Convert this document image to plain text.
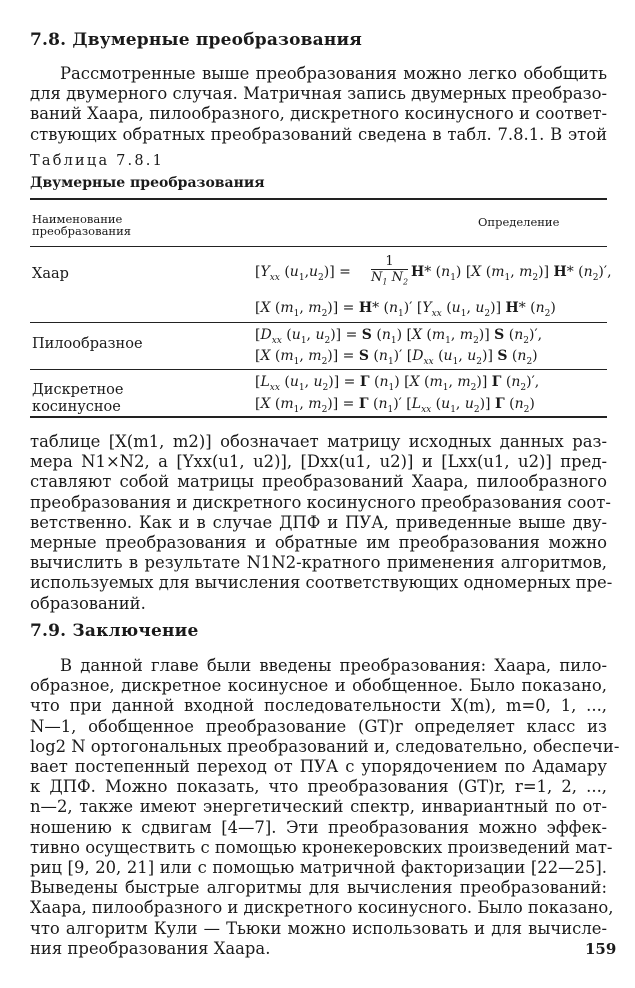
7.8. Двумерные преобразования
Рассмотренные выше преобразования можно легко обобщить
для двумерного случая. Матричная запись двумерных преобразо-
ваний Хаара, пилообразного, дискретного косинусного и соответ-
ствующих обратных преобразований сведена в табл. 7.8.1. В этой
Таблица 7.8.1
Двумерные преобразования
Наименование
преобразования
Определение
Хаар	[$Y_{xx}$ $(u_1,u_2)] = \frac{1}{N_1 N_2} H*$ $(n_1)$ [X ($m_1$, $m_2$)] H* $(n_2)'$,
[X ($m_1$, $m_2)] = H*$ $(n_1)'$ [$Y_{xx}$ ($u_1$, $u_2$)] H* $(n_2)$
Пилообразное
[$D_{xx}$ ($u_1$, $u_2)] = S$ $(n_1)$ [X ($m_1$, $m_2$)] S $(n_2)'$,
[X ($m_1$, $m_2)] = S$ $(n_1)'$ [$D_{xx}$ ($u_1$, $u_2$)] S $(n_2)$
Дискретное
косинусное
[$L_{xx}$ ($u_1$, $u_2)] = Г$ $(n_1)$ [X ($m_1$, $m_2$)] Г $(n_2)'$,
[X ($m_1$, $m_2)] = Г$ $(n_1)'$ [$L_{xx}$ ($u_1$, $u_2$)] Г $(n_2)$
таблице [X(m1, m2)] обозначает матрицу исходных данных раз-
мера N1×N2, а [Yxx(u1, u2)], [Dxx(u1, u2)] и [Lxx(u1, u2)] пред-
ставляют собой матрицы преобразований Хаара, пилообразного
преобразования и дискретного косинусного преобразования соот-
ветственно. Как и в случае ДПФ и ПУА, приведенные выше дву-
мерные преобразования и обратные им преобразования можно
вычислить в результате N1N2-кратного применения алгоритмов,
используемых для вычисления соответствующих одномерных пре-
образований.
7.9. Заключение
В данной главе были введены преобразования: Хаара, пило-
образное, дискретное косинусное и обобщенное. Было показано,
что при данной входной последовательности X(m), m=0, 1, ...,
N—1, обобщенное преобразование (GT)r определяет класс из
log2 N ортогональных преобразований и, следовательно, обеспечи-
вает постепенный переход от ПУА с упорядочением по Адамару
к ДПФ. Можно показать, что преобразования (GT)r, r=1, 2, ...,
n—2, также имеют энергетический спектр, инвариантный по от-
ношению к сдвигам [4—7]. Эти преобразования можно эффек-
тивно осуществить с помощью кронекеровских произведений мат-
риц [9, 20, 21] или с помощью матричной факторизации [22—25].
Выведены быстрые алгоритмы для вычисления преобразований:
Хаара, пилообразного и дискретного косинусного. Было показано,
что алгоритм Кули — Тьюки можно использовать и для вычисле-
ния преобразования Хаара.	159
